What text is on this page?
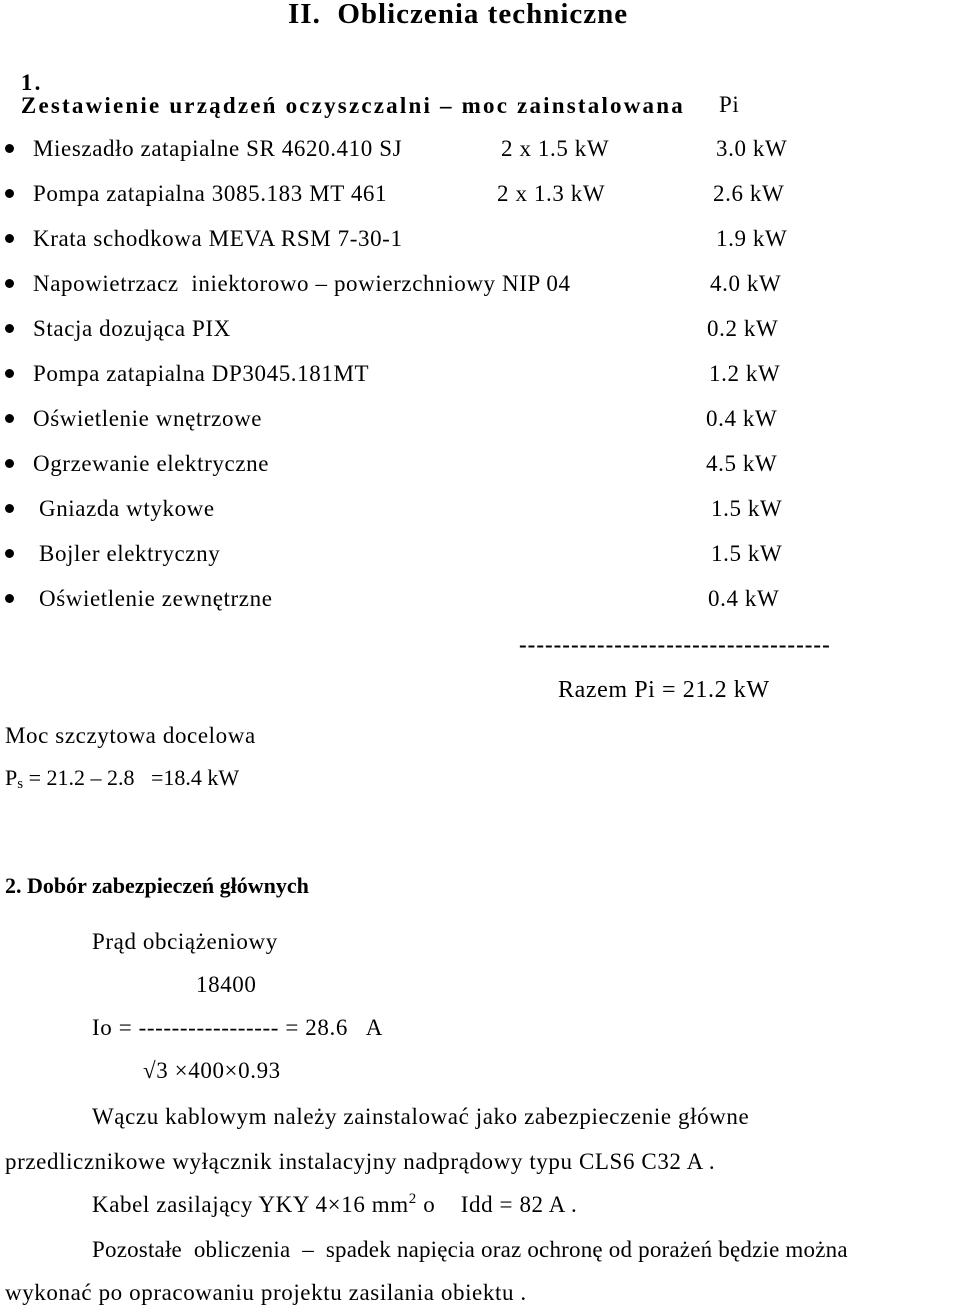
II.  Obliczenia techniczne

1.
Zestawienie urządzeń oczyszczalni – moc zainstalowana Pi
Mieszadło zatapialne SR 4620.410 SJ	2 x 1.5 kW	3.0 kW
Pompa zatapialna 3085.183 MT 461	2 x 1.3 kW	2.6 kW
Krata schodkowa MEVA RSM 7-30-1	1.9 kW
Napowietrzacz  iniektorowo – powierzchniowy NIP 04	4.0 kW
Stacja dozująca PIX	0.2 kW
Pompa zatapialna DP3045.181MT	1.2 kW
Oświetlenie wnętrzowe	0.4 kW
Ogrzewanie elektryczne	4.5 kW
Gniazda wtykowe	1.5 kW
Bojler elektryczny	1.5 kW
Oświetlenie zewnętrzne	0.4 kW
------------------------------------
Razem Pi = 21.2 kW
Moc szczytowa docelowa
$P_s = 21.2 - 2.8 =18.4$ kW
2. Dobór zabezpieczeń głównych
Prąd obciążeniowy
18400
Io = ----------------- = 28.6   A
√3 ×400×0.93
Wączu kablowym należy zainstalować jako zabezpieczenie główne
przedlicznikowe wyłącznik instalacyjny nadprądowy typu CLS6 C32 A .
Kabel zasilający YKY 4×16 $mm^2$ o    Idd = 82 A .
Pozostałe  obliczenia  –  spadek napięcia oraz ochronę od porażeń będzie można
wykonać po opracowaniu projektu zasilania obiektu .
